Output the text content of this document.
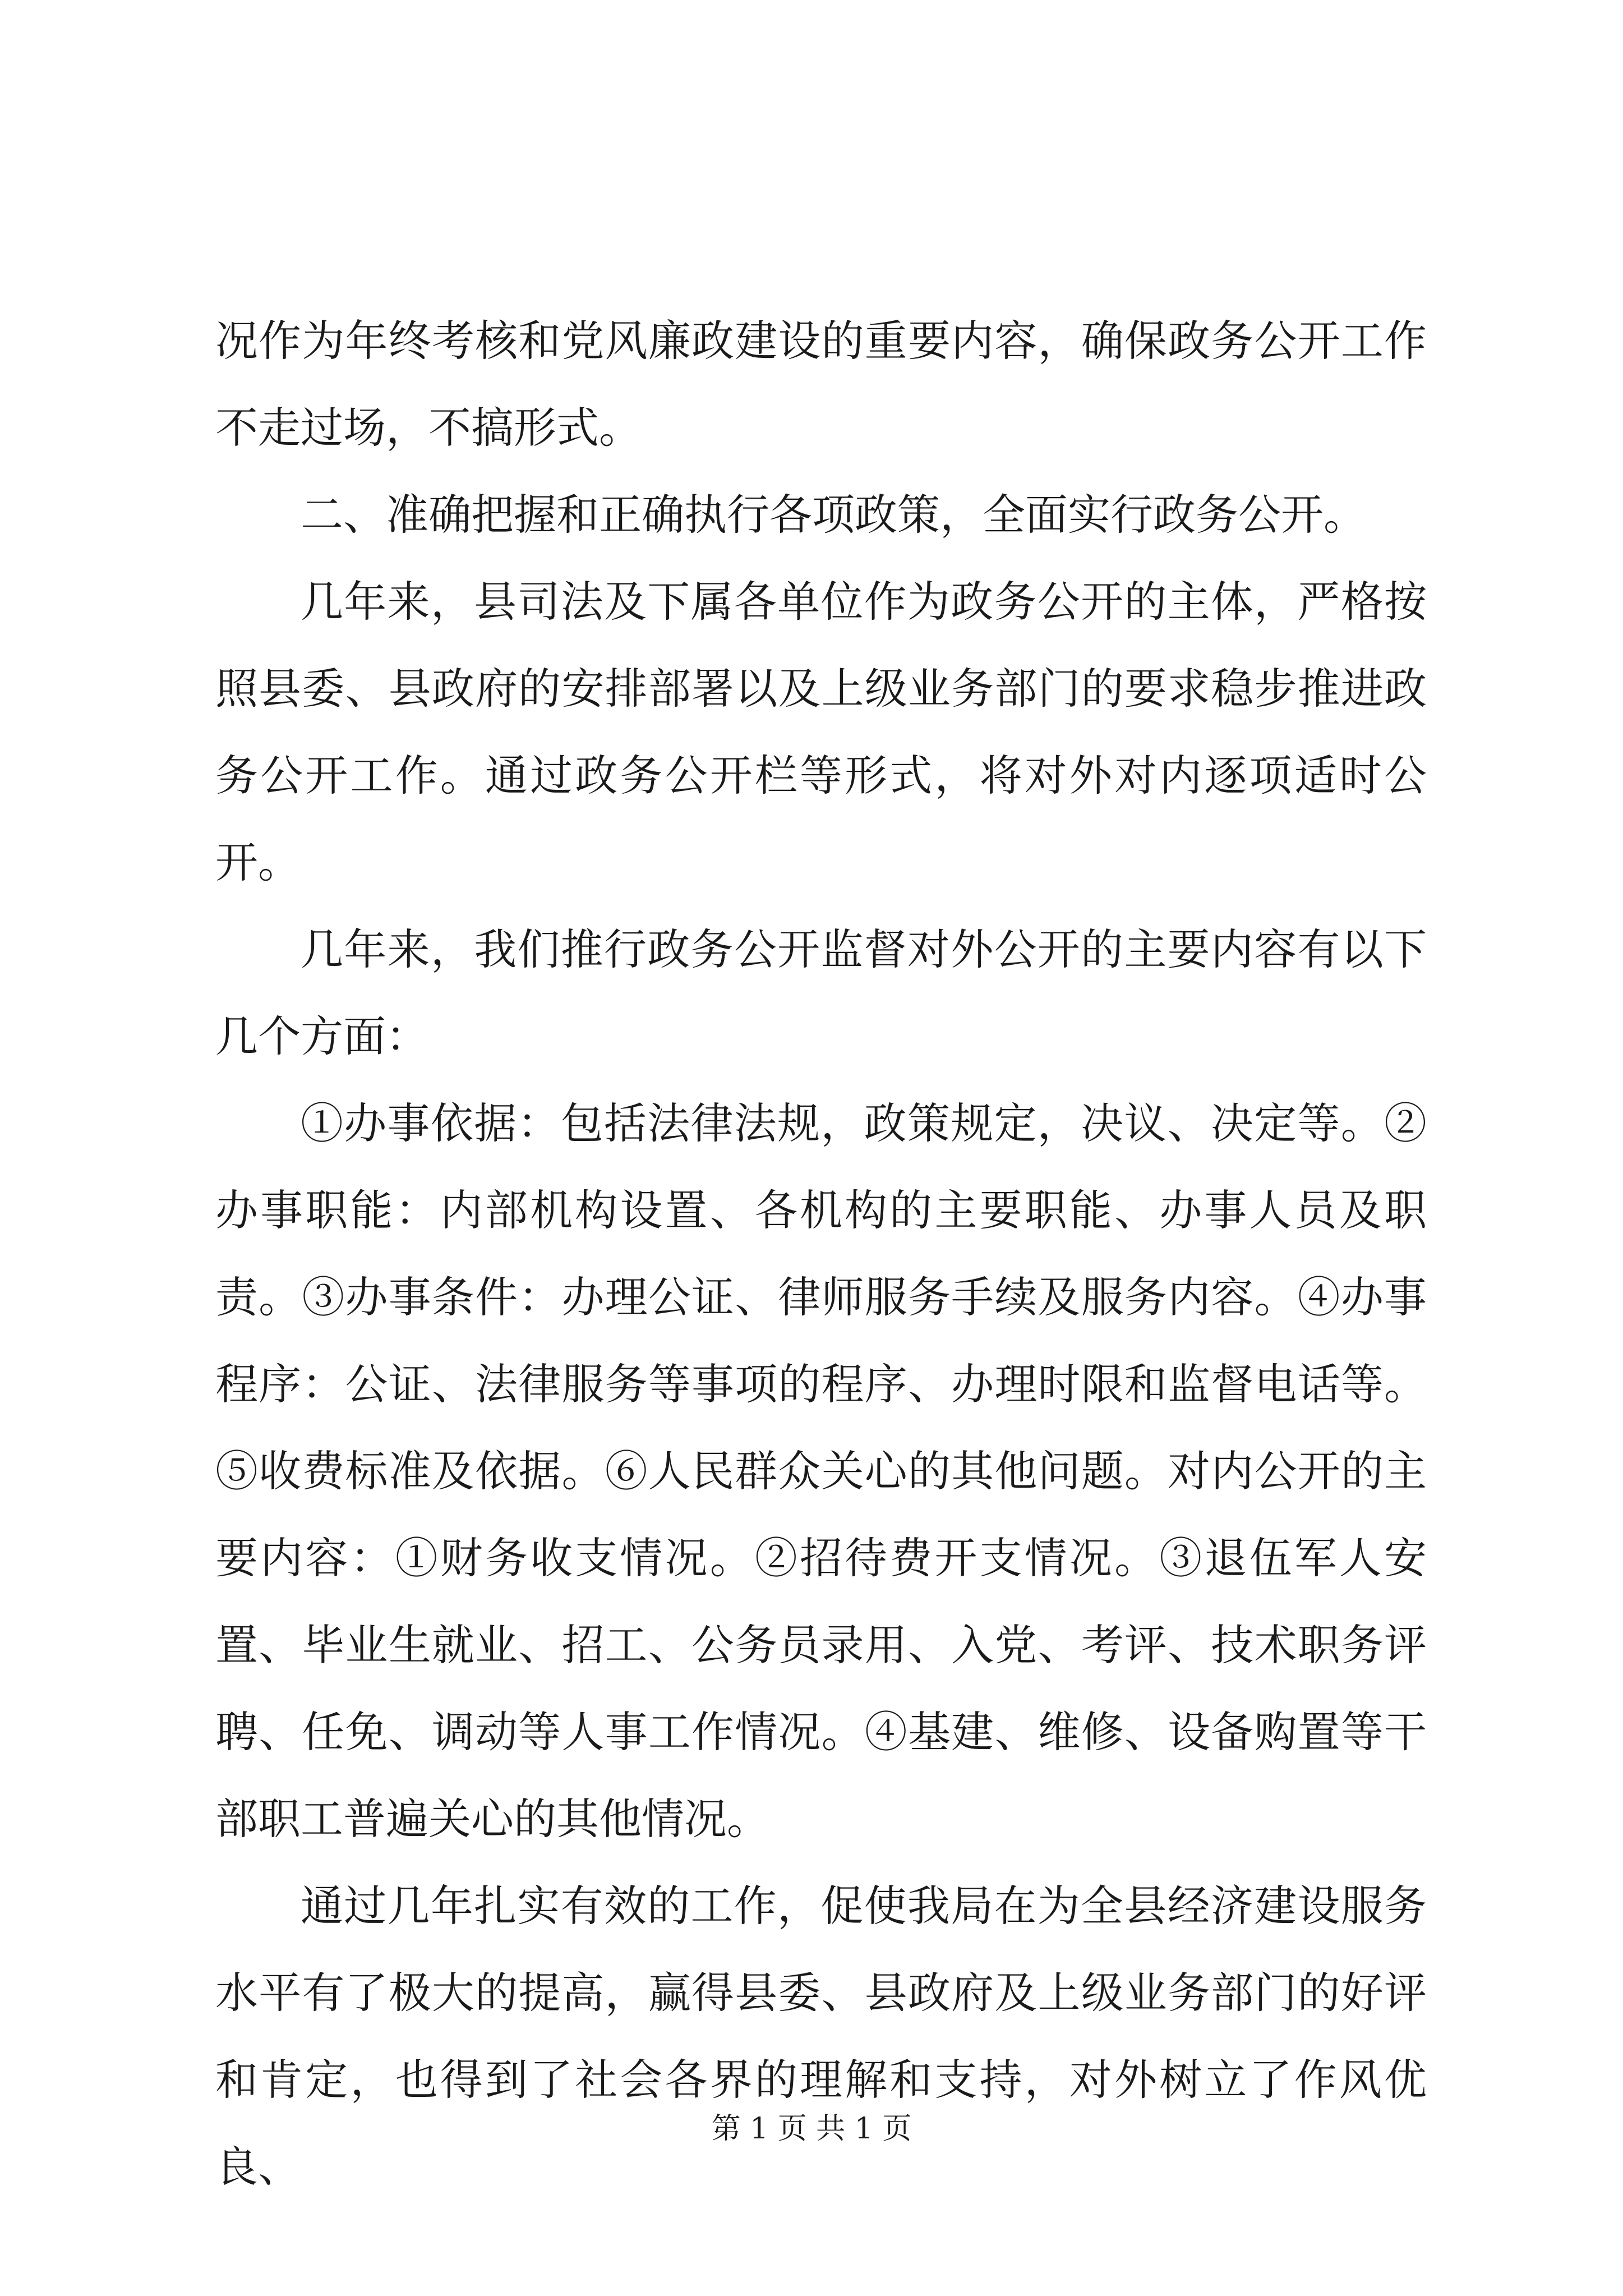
况作为年终考核和党风廉政建设的重要内容，确保政务公开工作不走过场，不搞形式。

二、准确把握和正确执行各项政策，全面实行政务公开。

几年来，县司法及下属各单位作为政务公开的主体，严格按照县委、县政府的安排部署以及上级业务部门的要求稳步推进政务公开工作。通过政务公开栏等形式，将对外对内逐项适时公开。

几年来，我们推行政务公开监督对外公开的主要内容有以下几个方面：

①办事依据：包括法律法规，政策规定，决议、决定等。②办事职能：内部机构设置、各机构的主要职能、办事人员及职责。③办事条件：办理公证、律师服务手续及服务内容。④办事程序：公证、法律服务等事项的程序、办理时限和监督电话等。⑤收费标准及依据。⑥人民群众关心的其他问题。对内公开的主要内容：①财务收支情况。②招待费开支情况。③退伍军人安置、毕业生就业、招工、公务员录用、入党、考评、技术职务评聘、任免、调动等人事工作情况。④基建、维修、设备购置等干部职工普遍关心的其他情况。

通过几年扎实有效的工作，促使我局在为全县经济建设服务水平有了极大的提高，赢得县委、县政府及上级业务部门的好评和肯定，也得到了社会各界的理解和支持，对外树立了作风优良、

第 1 页 共 1 页
